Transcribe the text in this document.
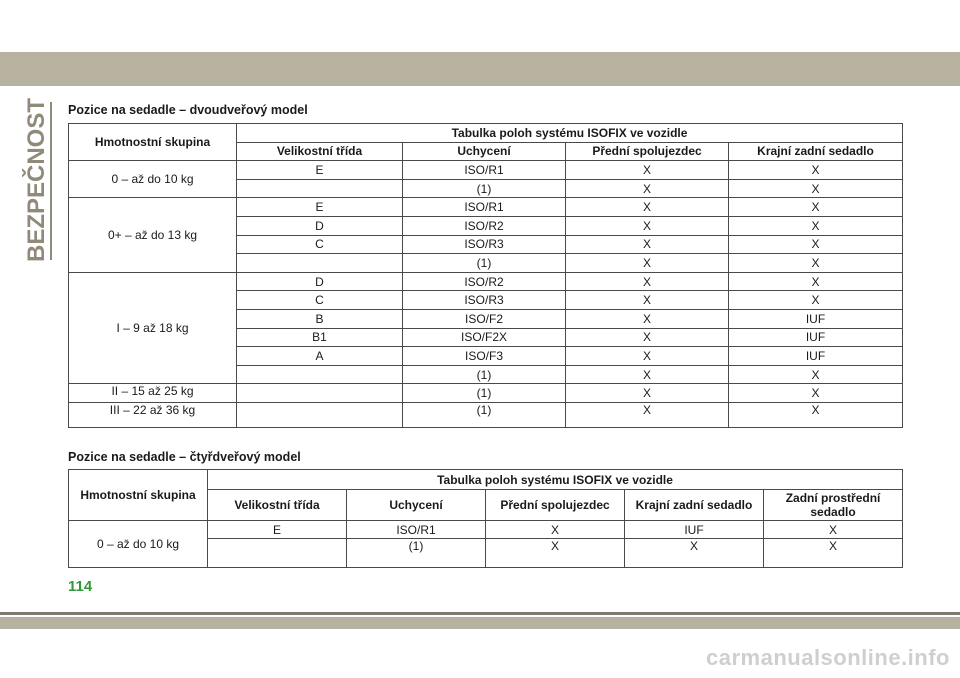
BEZPEČNOST Pozice na sedadle – dvoudveřový model
Hmotnostní skupina	Tabulka poloh systému ISOFIX ve vozidle			
	Velikostní třída	Uchycení	Přední spolujezdec	Krajní zadní sedadlo
0 – až do 10 kg	E	ISO/R1	X	X
		(1)	X	X
0+ – až do 13 kg	E	ISO/R1	X	X
	D	ISO/R2	X	X
	C	ISO/R3	X	X
		(1)	X	X
I – 9 až 18 kg	D	ISO/R2	X	X
	C	ISO/R3	X	X
	B	ISO/F2	X	IUF
	B1	ISO/F2X	X	IUF
	A	ISO/F3	X	IUF
		(1)	X	X
II – 15 až 25 kg		(1)	X	X
III – 22 až 36 kg		(1)	X	X
Pozice na sedadle – čtyřdveřový model
Hmotnostní skupina	Tabulka poloh systému ISOFIX ve vozidle				
	Velikostní třída	Uchycení	Přední spolujezdec	Krajní zadní sedadlo	Zadní prostřední sedadlo
0 – až do 10 kg	E	ISO/R1	X	IUF	X
		(1)	X	X	X
114
carmanualsonline.info
